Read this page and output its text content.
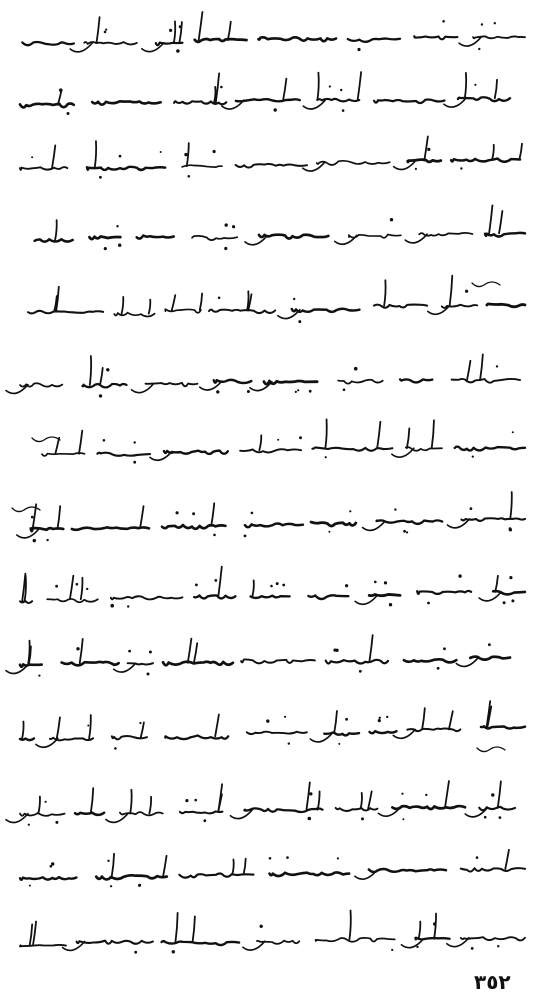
٣٥٢
